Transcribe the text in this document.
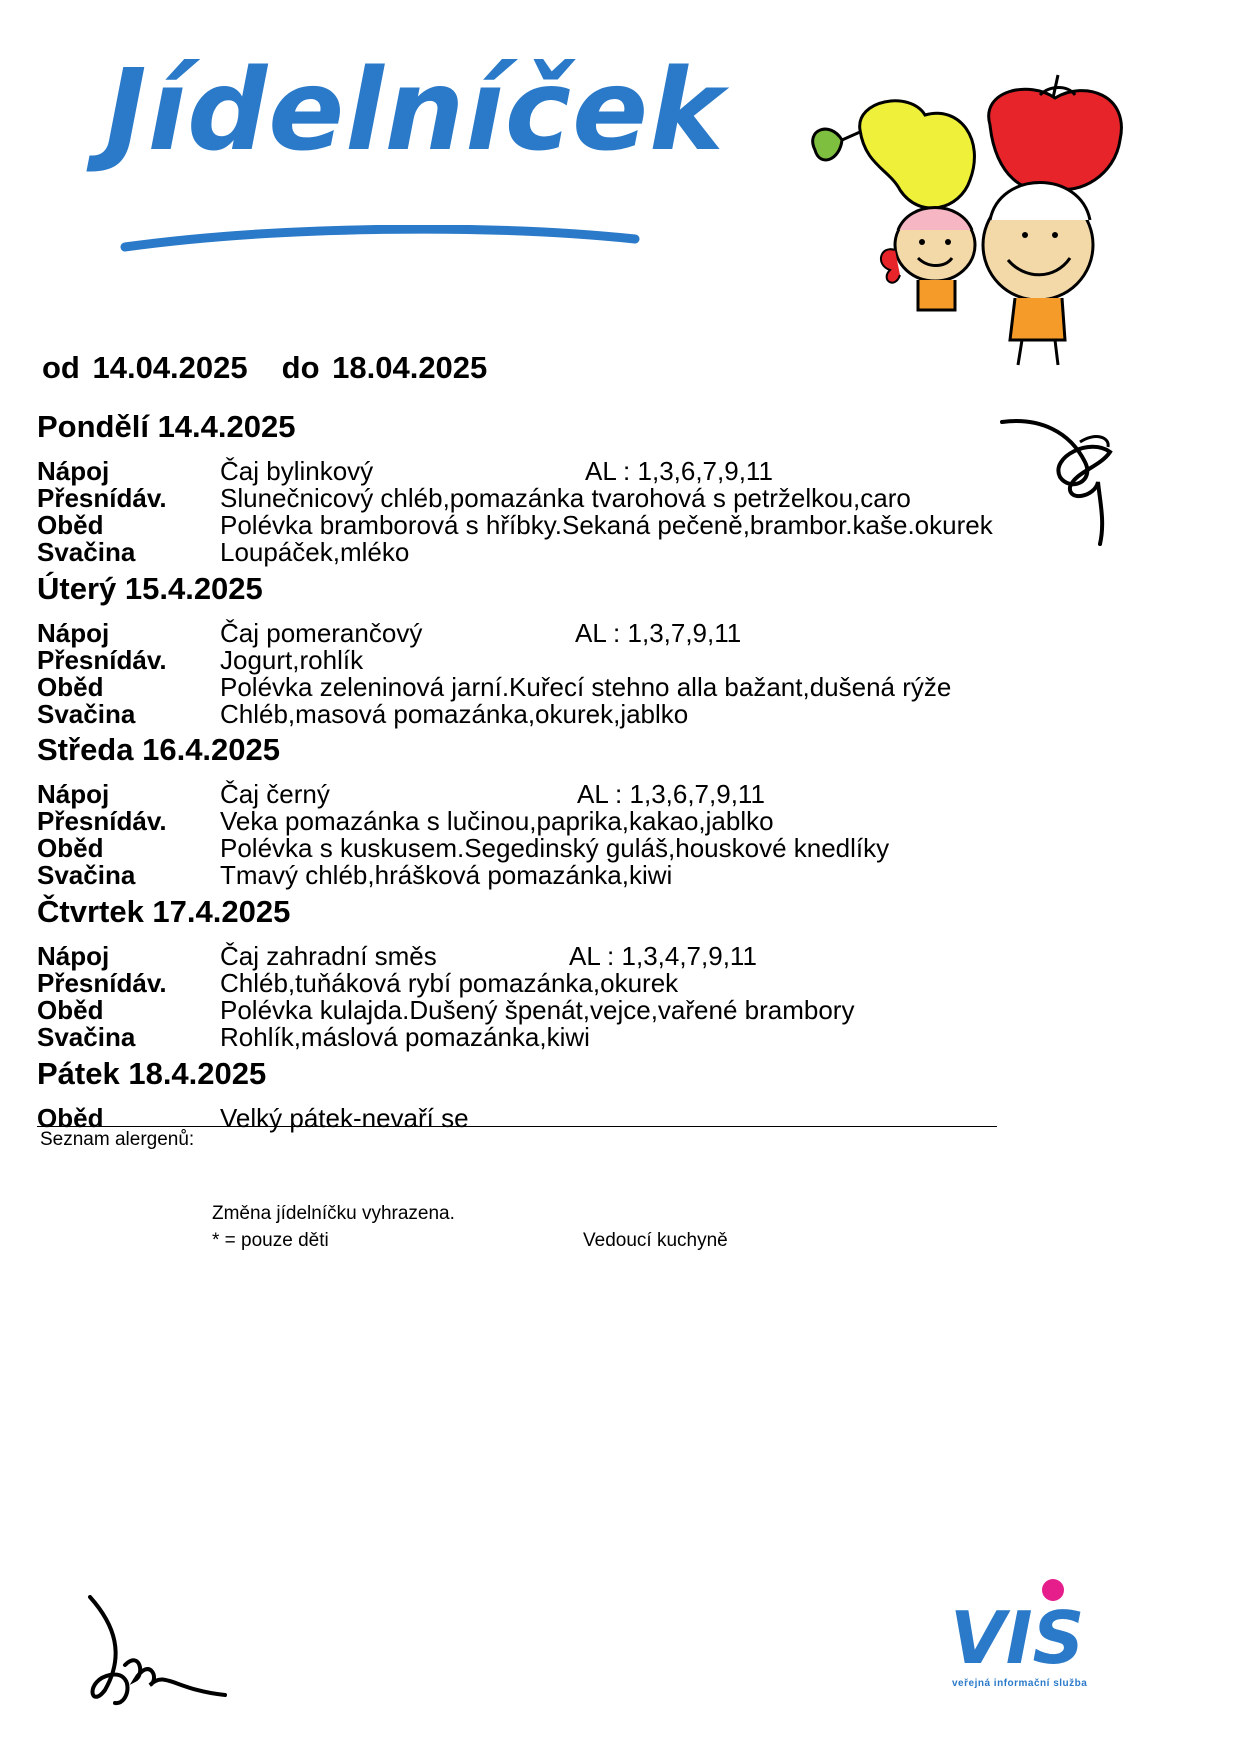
Jídelníček
od 14.04.2025 do 18.04.2025
Pondělí 14.4.2025
Nápoj	Čaj bylinkový	AL : 1,3,6,7,9,11
Přesnídáv.	Slunečnicový chléb,pomazánka tvarohová s petrželkou,caro
Oběd	Polévka bramborová s hříbky.Sekaná pečeně,brambor.kaše.okurek
Svačina	Loupáček,mléko
Úterý 15.4.2025
Nápoj	Čaj pomerančový	AL : 1,3,7,9,11
Přesnídáv.	Jogurt,rohlík
Oběd	Polévka zeleninová jarní.Kuřecí stehno alla bažant,dušená rýže
Svačina	Chléb,masová pomazánka,okurek,jablko
Středa 16.4.2025
Nápoj	Čaj černý	AL : 1,3,6,7,9,11
Přesnídáv.	Veka pomazánka s lučinou,paprika,kakao,jablko
Oběd	Polévka s kuskusem.Segedinský guláš,houskové knedlíky
Svačina	Tmavý chléb,hrášková pomazánka,kiwi
Čtvrtek 17.4.2025
Nápoj	Čaj zahradní směs	AL : 1,3,4,7,9,11
Přesnídáv.	Chléb,tuňáková rybí pomazánka,okurek
Oběd	Polévka kulajda.Dušený špenát,vejce,vařené brambory
Svačina	Rohlík,máslová pomazánka,kiwi
Pátek 18.4.2025
Oběd	Velký pátek-nevaří se
Seznam alergenů:
Změna jídelníčku vyhrazena.
* = pouze děti	Vedoucí kuchyně
VIS
veřejná informační služba
